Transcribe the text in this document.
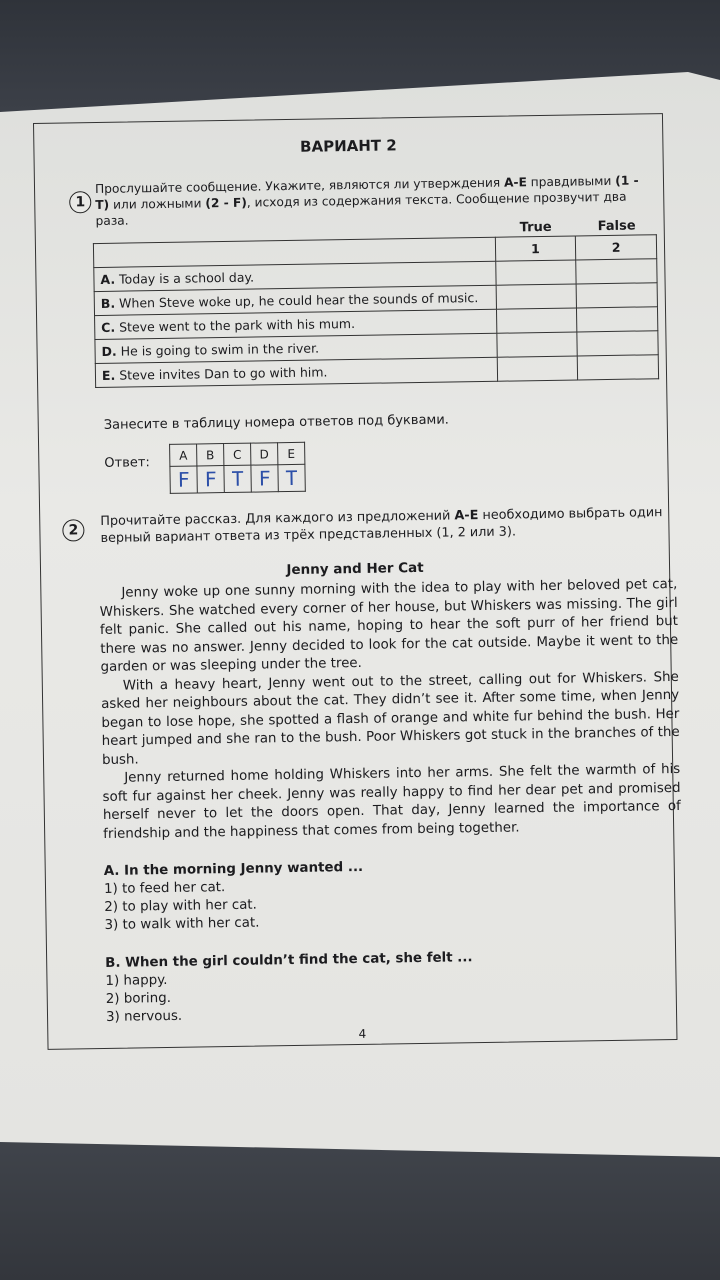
ВАРИАНТ 2
1
Прослушайте сообщение. Укажите, являются ли утверждения A-E правдивыми (1 - T) или ложными (2 - F), исходя из содержания текста. Сообщение прозвучит два раза.	True	False
	1	2
A. Today is a school day.		
B. When Steve woke up, he could hear the sounds of music.		
C. Steve went to the park with his mum.		
D. He is going to swim in the river.		
E. Steve invites Dan to go with him.		
Занесите в таблицу номера ответов под буквами.
Ответ:
A	B	C	D	E
F	F	T	F	T
2
Прочитайте рассказ. Для каждого из предложений A-E необходимо выбрать один верный вариант ответа из трёх представленных (1, 2 или 3).
Jenny and Her Cat

Jenny woke up one sunny morning with the idea to play with her beloved pet cat, Whiskers. She watched every corner of her house, but Whiskers was missing. The girl felt panic. She called out his name, hoping to hear the soft purr of her friend but there was no answer. Jenny decided to look for the cat outside. Maybe it went to the garden or was sleeping under the tree.

With a heavy heart, Jenny went out to the street, calling out for Whiskers. She asked her neighbours about the cat. They didn’t see it. After some time, when Jenny began to lose hope, she spotted a flash of orange and white fur behind the bush. Her heart jumped and she ran to the bush. Poor Whiskers got stuck in the branches of the bush.

Jenny returned home holding Whiskers into her arms. She felt the warmth of his soft fur against her cheek. Jenny was really happy to find her dear pet and promised herself never to let the doors open. That day, Jenny learned the importance of friendship and the happiness that comes from being together.

A. In the morning Jenny wanted ...
1) to feed her cat.
2) to play with her cat.
3) to walk with her cat.
B. When the girl couldn’t find the cat, she felt ...
1) happy.
2) boring.
3) nervous.
4
